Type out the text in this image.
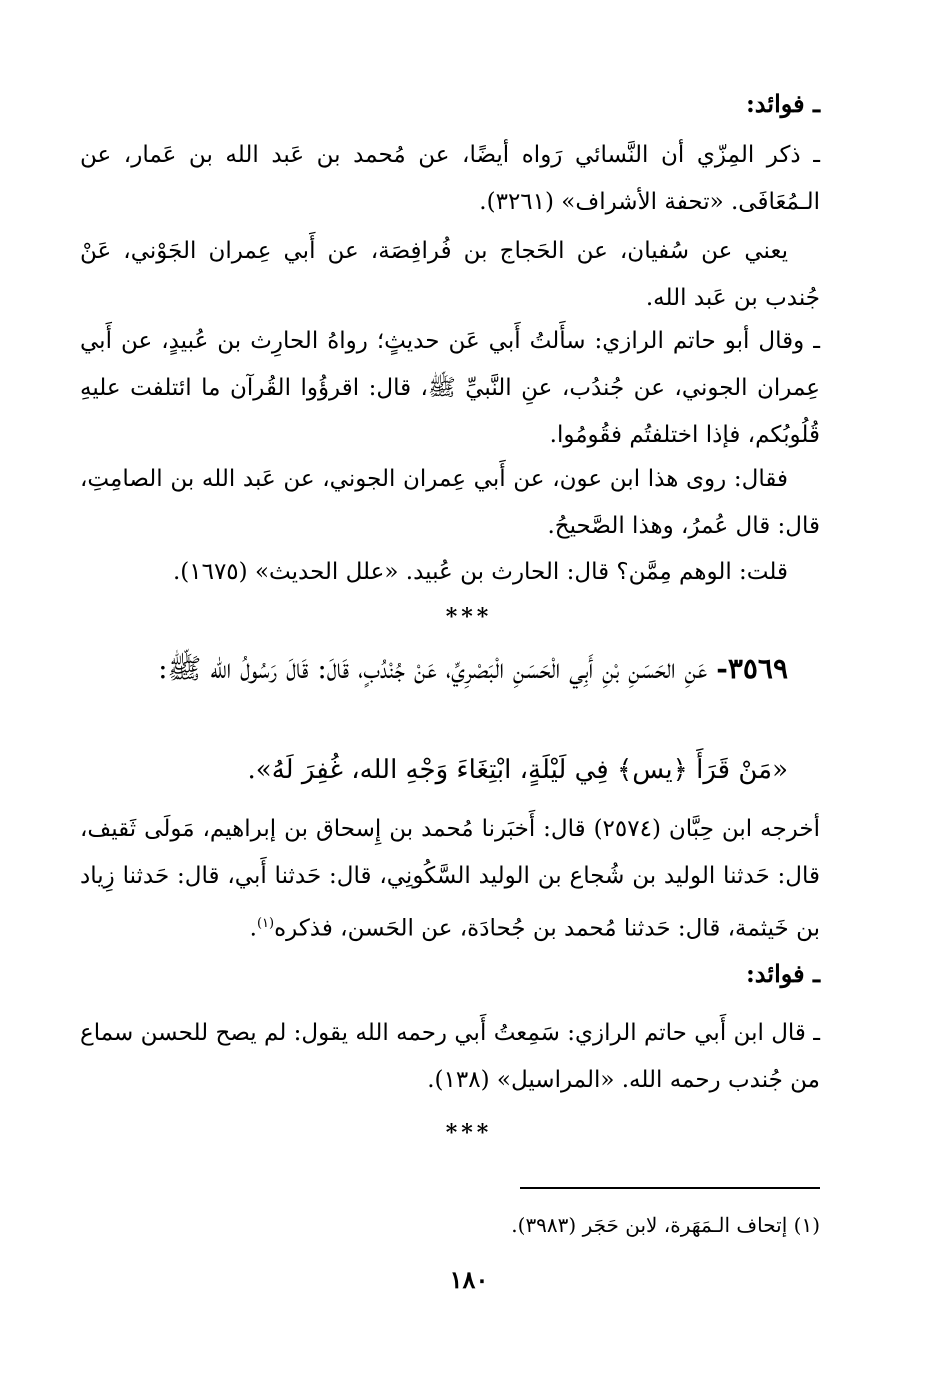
ـ فوائد:

ـ ذكر المِزّي أن النَّسائي رَواه أيضًا، عن مُحمد بن عَبد الله بن عَمار، عن الـمُعَافَى. «تحفة الأشراف» (٣٢٦١).

يعني عن سُفيان، عن الحَجاج بن فُرافِصَة، عن أَبي عِمران الجَوْني، عَنْ جُندب بن عَبد الله.

ـ وقال أبو حاتم الرازي: سأَلتُ أَبي عَن حديثٍ؛ رواهُ الحارِث بن عُبيدٍ، عن أَبي عِمران الجوني، عن جُندُب، عنِ النَّبيِّ ﷺ، قال: اقرؤُوا القُرآن ما ائتلفت عليهِ قُلُوبُكم، فإذا اختلفتُم فقُومُوا.

فقال: روى هذا ابن عون، عن أَبي عِمران الجوني، عن عَبد الله بن الصامِتِ، قال: قال عُمرُ، وهذا الصَّحيحُ.

قلت: الوهم مِمَّن؟ قال: الحارث بن عُبيد. «علل الحديث» (١٦٧٥).

***

٣٥٦٩- عَنِ الحَسَنِ بْنِ أَبِي الْحَسَنِ الْبَصْرِيِّ، عَنْ جُنْدُبٍ، قَالَ: قَالَ رَسُولُ الله ﷺ:

«مَنْ قَرَأَ ﴿يس﴾ فِي لَيْلَةٍ، ابْتِغَاءَ وَجْهِ الله، غُفِرَ لَهُ».

أخرجه ابن حِبَّان (٢٥٧٤) قال: أَخبَرنا مُحمد بن إِسحاق بن إبراهيم، مَولَى ثَقيف، قال: حَدثنا الوليد بن شُجاع بن الوليد السَّكُونِي، قال: حَدثنا أَبي، قال: حَدثنا زِياد بن خَيثمة، قال: حَدثنا مُحمد بن جُحادَة، عن الحَسن، فذكره$^{(١)}$.

ـ فوائد:

ـ قال ابن أَبي حاتم الرازي: سَمِعتُ أَبي رحمه الله يقول: لم يصح للحسن سماع من جُندب رحمه الله. «المراسيل» (١٣٨).

***

(١) إتحاف الـمَهَرة، لابن حَجَر (٣٩٨٣).

١٨٠
